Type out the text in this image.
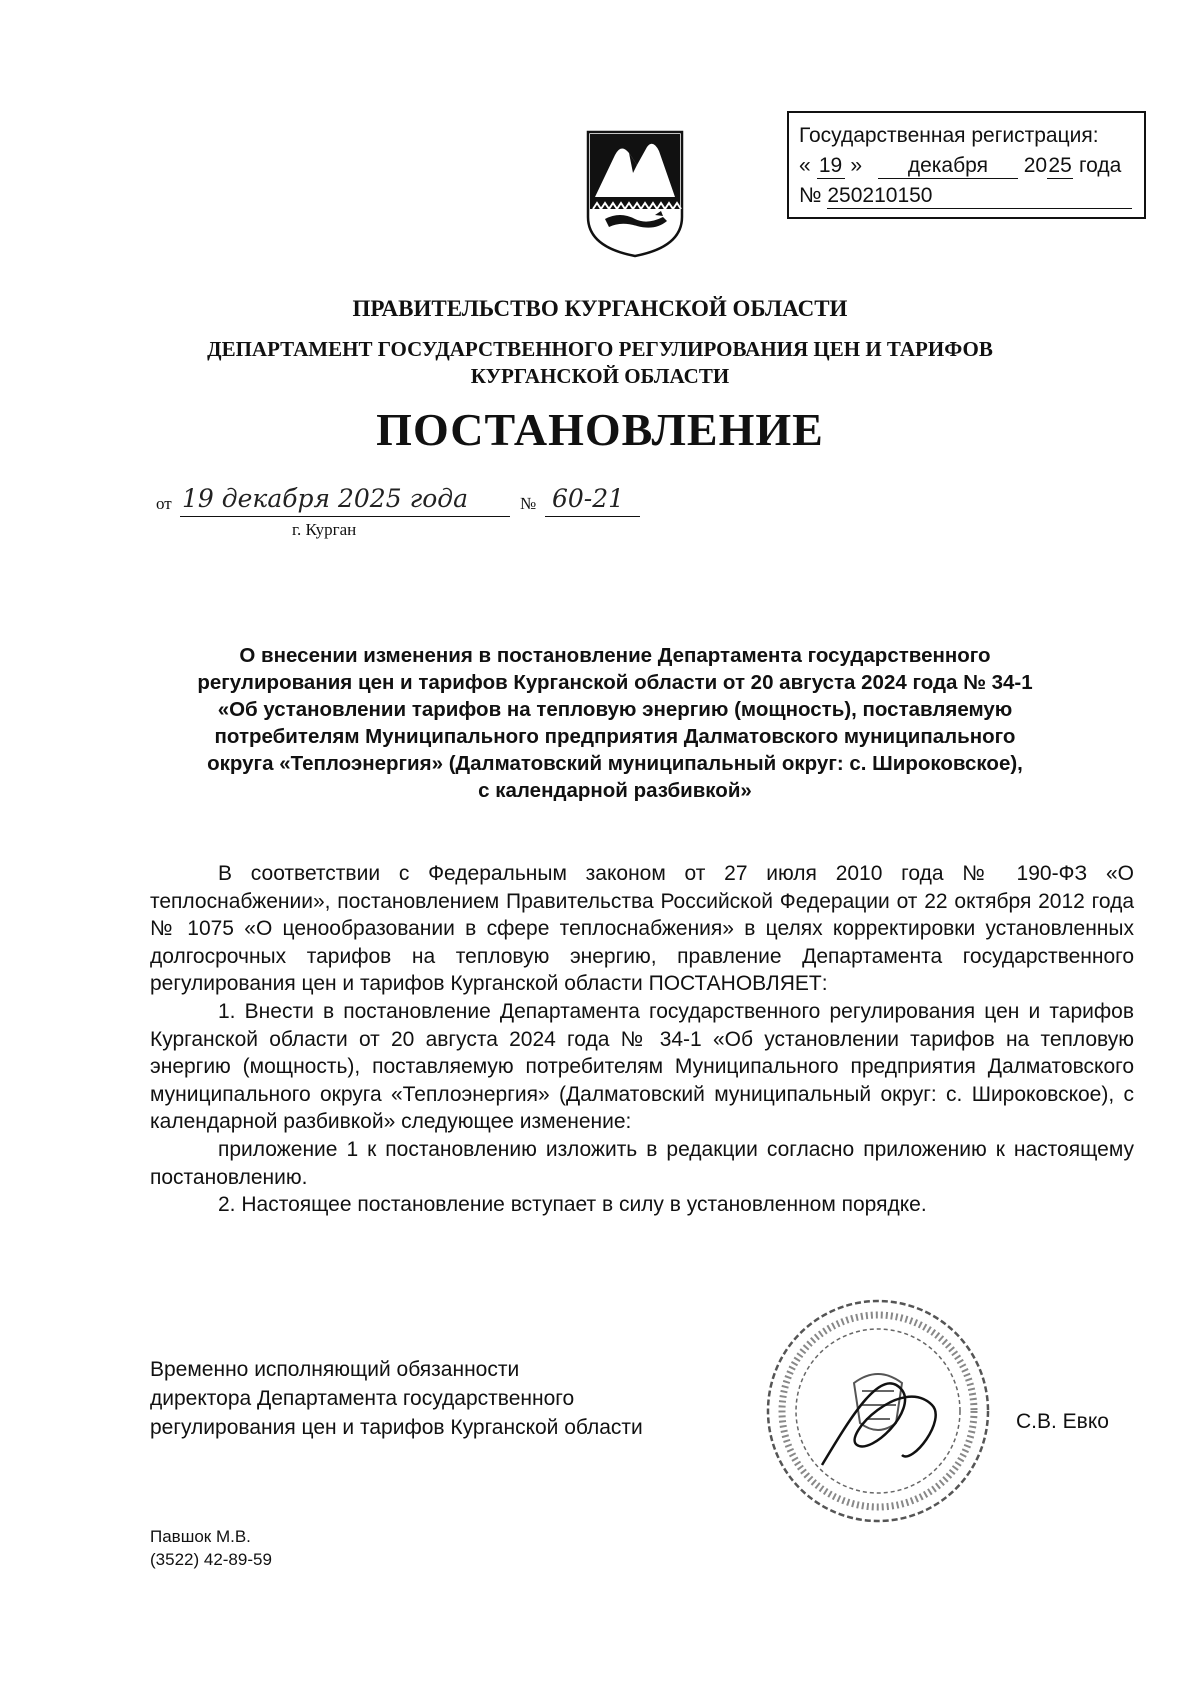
Государственная регистрация:
« 19 » декабря 2025 года
№ 250210150
ПРАВИТЕЛЬСТВО КУРГАНСКОЙ ОБЛАСТИ
ДЕПАРТАМЕНТ ГОСУДАРСТВЕННОГО РЕГУЛИРОВАНИЯ ЦЕН И ТАРИФОВ
КУРГАНСКОЙ ОБЛАСТИ
ПОСТАНОВЛЕНИЕ
от 19 декабря 2025 года	№ 60-21
г. Курган
О внесении изменения в постановление Департамента государственного
регулирования цен и тарифов Курганской области от 20 августа 2024 года № 34-1
«Об установлении тарифов на тепловую энергию (мощность), поставляемую
потребителям Муниципального предприятия Далматовского муниципального
округа «Теплоэнергия» (Далматовский муниципальный округ: с. Широковское),
с календарной разбивкой»

В соответствии с Федеральным законом от 27 июля 2010 года № 190-ФЗ «О теплоснабжении», постановлением Правительства Российской Федерации от 22 октября 2012 года № 1075 «О ценообразовании в сфере теплоснабжения» в целях корректировки установленных долгосрочных тарифов на тепловую энергию, правление Департамента государственного регулирования цен и тарифов Курганской области ПОСТАНОВЛЯЕТ:

1. Внести в постановление Департамента государственного регулирования цен и тарифов Курганской области от 20 августа 2024 года № 34-1 «Об установлении тарифов на тепловую энергию (мощность), поставляемую потребителям Муниципального предприятия Далматовского муниципального округа «Теплоэнергия» (Далматовский муниципальный округ: с. Широковское), с календарной разбивкой» следующее изменение:

приложение 1 к постановлению изложить в редакции согласно приложению к настоящему постановлению.

2. Настоящее постановление вступает в силу в установленном порядке.

Временно исполняющий обязанности
директора Департамента государственного
регулирования цен и тарифов Курганской области	С.В. Евко
Павшок М.В.
(3522) 42-89-59
